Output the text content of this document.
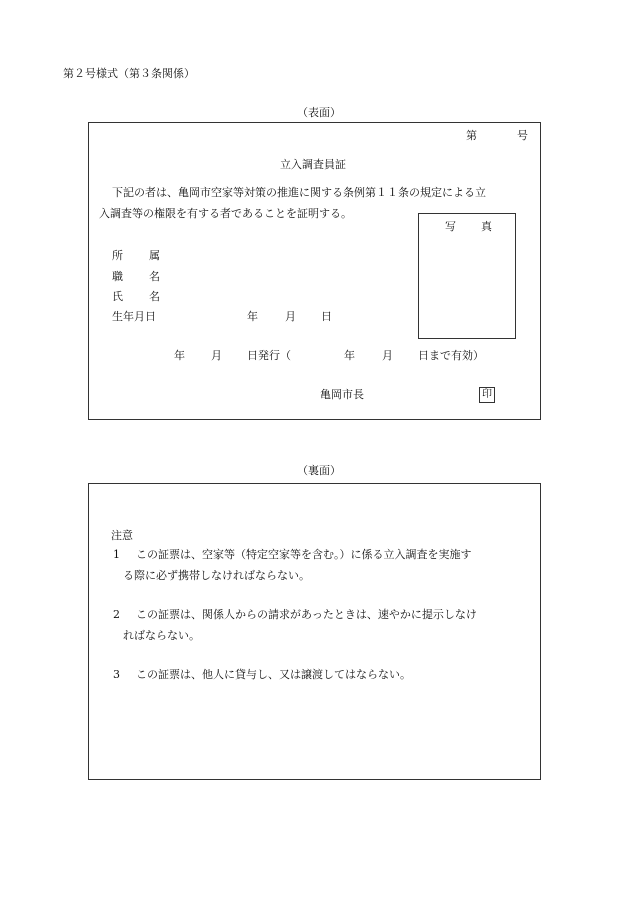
第２号様式（第３条関係）
（表面）
第	号
立入調査員証
下記の者は、亀岡市空家等対策の推進に関する条例第１１条の規定による立
入調査等の権限を有する者であることを証明する。
写 真
所 属
職 名
氏 名
生年月日	年 月 日
年 月 日発行（	年 月 日まで有効）
亀岡市長	印
（裏面）
注意
1 この証票は、空家等（特定空家等を含む。）に係る立入調査を実施す
る際に必ず携帯しなければならない。
2 この証票は、関係人からの請求があったときは、速やかに提示しなけ
ればならない。
3 この証票は、他人に貸与し、又は譲渡してはならない。
